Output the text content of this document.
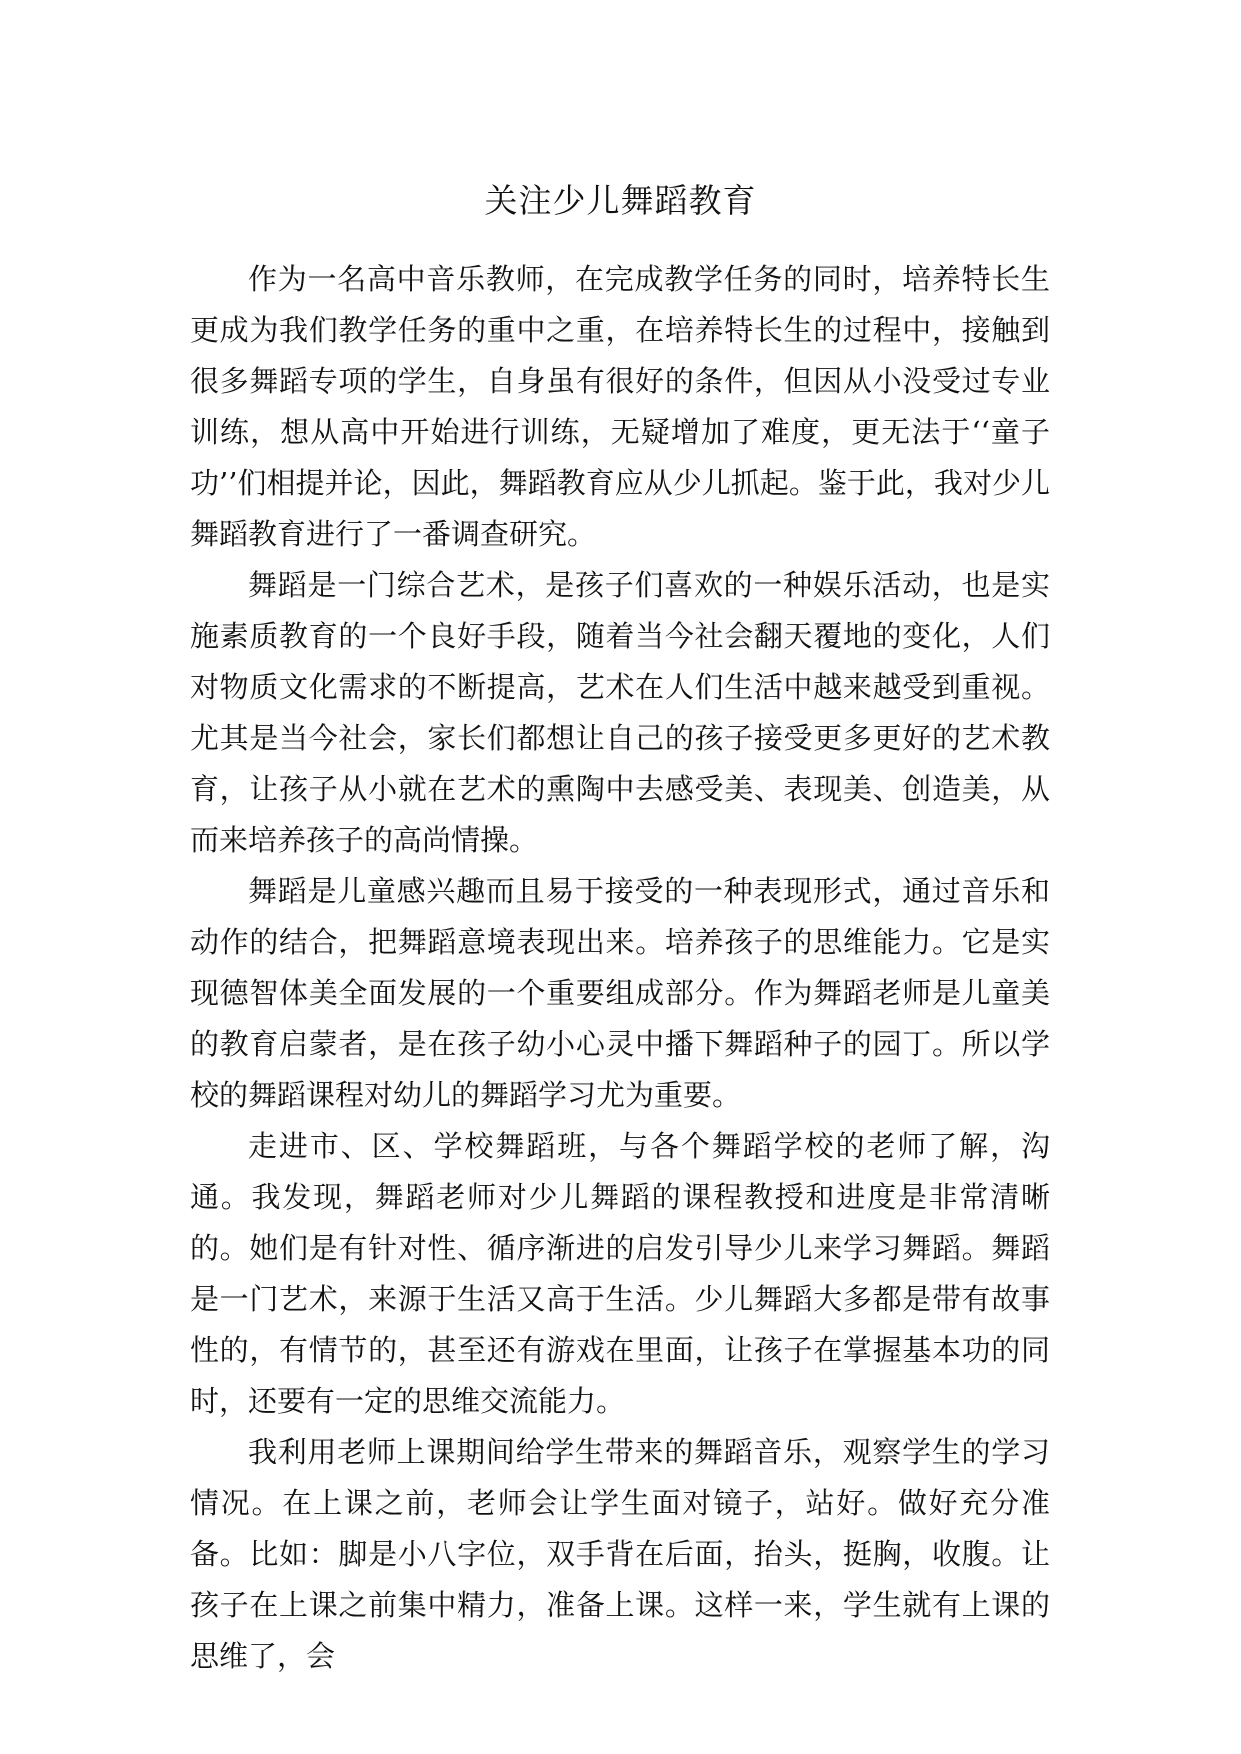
关注少儿舞蹈教育

作为一名高中音乐教师，在完成教学任务的同时，培养特长生更成为我们教学任务的重中之重，在培养特长生的过程中，接触到很多舞蹈专项的学生，自身虽有很好的条件，但因从小没受过专业训练，想从高中开始进行训练，无疑增加了难度，更无法于‘‘童子功’’们相提并论，因此，舞蹈教育应从少儿抓起。鉴于此，我对少儿舞蹈教育进行了一番调查研究。

舞蹈是一门综合艺术，是孩子们喜欢的一种娱乐活动，也是实施素质教育的一个良好手段，随着当今社会翻天覆地的变化，人们对物质文化需求的不断提高，艺术在人们生活中越来越受到重视。尤其是当今社会，家长们都想让自己的孩子接受更多更好的艺术教育，让孩子从小就在艺术的熏陶中去感受美、表现美、创造美，从而来培养孩子的高尚情操。

舞蹈是儿童感兴趣而且易于接受的一种表现形式，通过音乐和动作的结合，把舞蹈意境表现出来。培养孩子的思维能力。它是实现德智体美全面发展的一个重要组成部分。作为舞蹈老师是儿童美的教育启蒙者，是在孩子幼小心灵中播下舞蹈种子的园丁。所以学校的舞蹈课程对幼儿的舞蹈学习尤为重要。

走进市、区、学校舞蹈班，与各个舞蹈学校的老师了解，沟通。我发现，舞蹈老师对少儿舞蹈的课程教授和进度是非常清晰的。她们是有针对性、循序渐进的启发引导少儿来学习舞蹈。舞蹈是一门艺术，来源于生活又高于生活。少儿舞蹈大多都是带有故事性的，有情节的，甚至还有游戏在里面，让孩子在掌握基本功的同时，还要有一定的思维交流能力。

我利用老师上课期间给学生带来的舞蹈音乐，观察学生的学习情况。在上课之前，老师会让学生面对镜子，站好。做好充分准备。比如：脚是小八字位，双手背在后面，抬头，挺胸，收腹。让孩子在上课之前集中精力，准备上课。这样一来，学生就有上课的思维了，会
